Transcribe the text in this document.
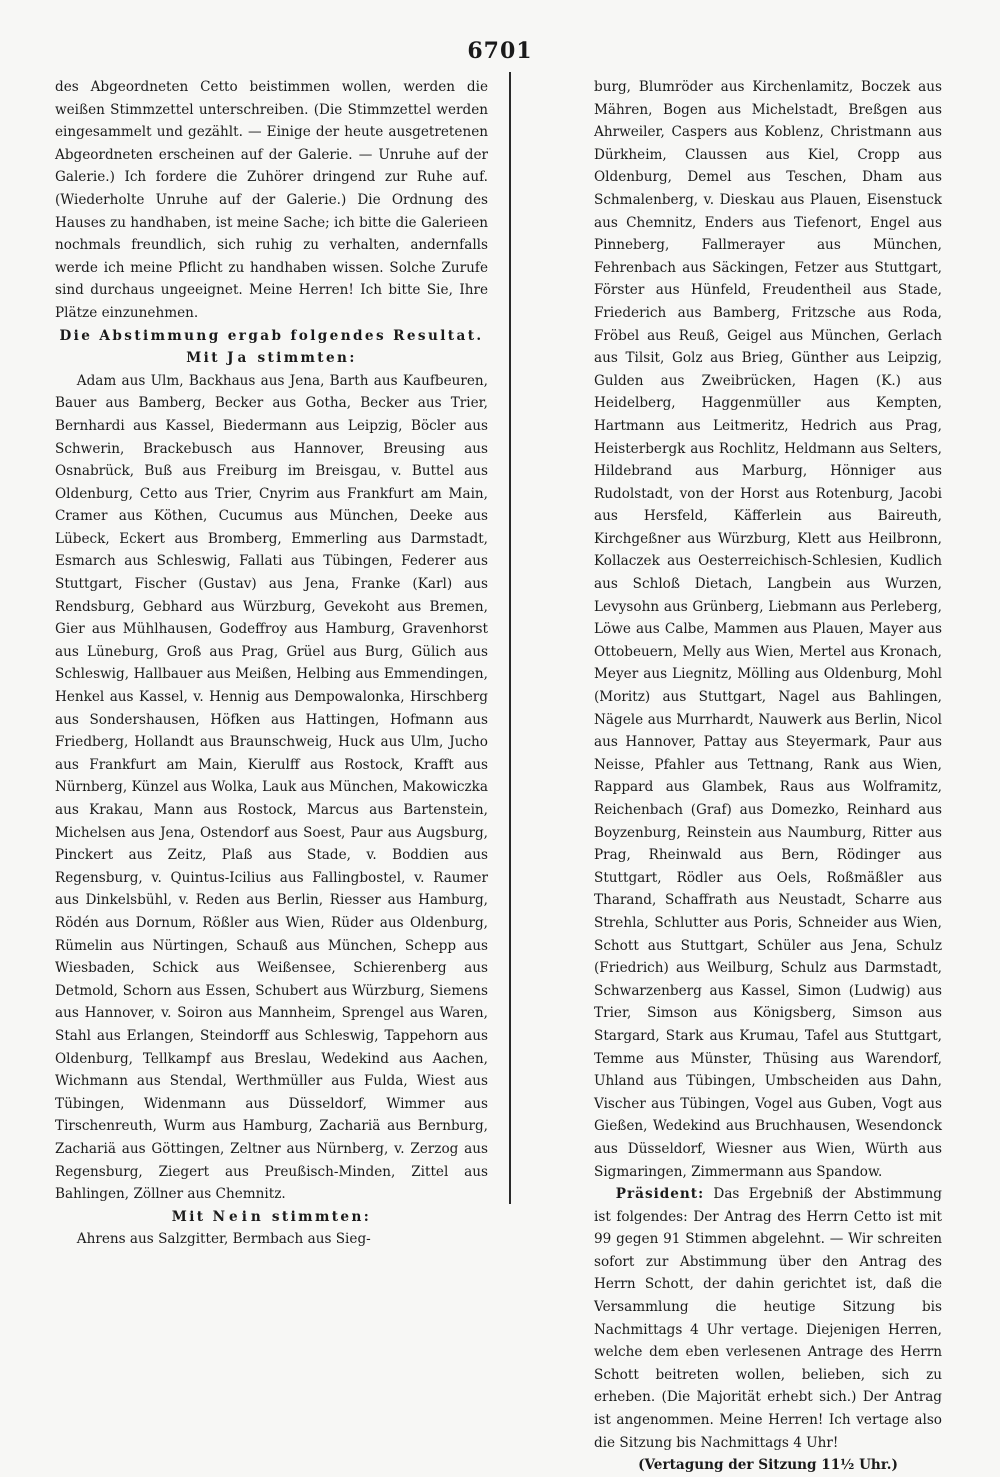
6701

des Abgeordneten Cetto beistimmen wollen, werden die weißen Stimmzettel unterschreiben. (Die Stimmzettel werden eingesammelt und gezählt. — Einige der heute ausgetretenen Abgeordneten erscheinen auf der Galerie. — Unruhe auf der Galerie.) Ich fordere die Zuhörer dringend zur Ruhe auf. (Wiederholte Unruhe auf der Galerie.) Die Ordnung des Hauses zu handhaben, ist meine Sache; ich bitte die Galerieen nochmals freundlich, sich ruhig zu verhalten, andernfalls werde ich meine Pflicht zu handhaben wissen. Solche Zurufe sind durchaus ungeeignet. Meine Herren! Ich bitte Sie, Ihre Plätze einzunehmen.

Die Abstimmung ergab folgendes Resultat.

Mit Ja stimmten:

Adam aus Ulm, Backhaus aus Jena, Barth aus Kaufbeuren, Bauer aus Bamberg, Becker aus Gotha, Becker aus Trier, Bernhardi aus Kassel, Biedermann aus Leipzig, Böcler aus Schwerin, Brackebusch aus Hannover, Breusing aus Osnabrück, Buß aus Freiburg im Breisgau, v. Buttel aus Oldenburg, Cetto aus Trier, Cnyrim aus Frankfurt am Main, Cramer aus Köthen, Cucumus aus München, Deeke aus Lübeck, Eckert aus Bromberg, Emmerling aus Darmstadt, Esmarch aus Schleswig, Fallati aus Tübingen, Federer aus Stuttgart, Fischer (Gustav) aus Jena, Franke (Karl) aus Rendsburg, Gebhard aus Würzburg, Gevekoht aus Bremen, Gier aus Mühlhausen, Godeffroy aus Hamburg, Gravenhorst aus Lüneburg, Groß aus Prag, Grüel aus Burg, Gülich aus Schleswig, Hallbauer aus Meißen, Helbing aus Emmendingen, Henkel aus Kassel, v. Hennig aus Dempowalonka, Hirschberg aus Sondershausen, Höfken aus Hattingen, Hofmann aus Friedberg, Hollandt aus Braunschweig, Huck aus Ulm, Jucho aus Frankfurt am Main, Kierulff aus Rostock, Krafft aus Nürnberg, Künzel aus Wolka, Lauk aus München, Makowiczka aus Krakau, Mann aus Rostock, Marcus aus Bartenstein, Michelsen aus Jena, Ostendorf aus Soest, Paur aus Augsburg, Pinckert aus Zeitz, Plaß aus Stade, v. Boddien aus Regensburg, v. Quintus-Icilius aus Fallingbostel, v. Raumer aus Dinkelsbühl, v. Reden aus Berlin, Riesser aus Hamburg, Rödén aus Dornum, Rößler aus Wien, Rüder aus Oldenburg, Rümelin aus Nürtingen, Schauß aus München, Schepp aus Wiesbaden, Schick aus Weißensee, Schierenberg aus Detmold, Schorn aus Essen, Schubert aus Würzburg, Siemens aus Hannover, v. Soiron aus Mannheim, Sprengel aus Waren, Stahl aus Erlangen, Steindorff aus Schleswig, Tappehorn aus Oldenburg, Tellkampf aus Breslau, Wedekind aus Aachen, Wichmann aus Stendal, Werthmüller aus Fulda, Wiest aus Tübingen, Widenmann aus Düsseldorf, Wimmer aus Tirschenreuth, Wurm aus Hamburg, Zachariä aus Bernburg, Zachariä aus Göttingen, Zeltner aus Nürnberg, v. Zerzog aus Regensburg, Ziegert aus Preußisch-Minden, Zittel aus Bahlingen, Zöllner aus Chemnitz.

Mit Nein stimmten:

Ahrens aus Salzgitter, Bermbach aus Sieg-

burg, Blumröder aus Kirchenlamitz, Boczek aus Mähren, Bogen aus Michelstadt, Breßgen aus Ahrweiler, Caspers aus Koblenz, Christmann aus Dürkheim, Claussen aus Kiel, Cropp aus Oldenburg, Demel aus Teschen, Dham aus Schmalenberg, v. Dieskau aus Plauen, Eisenstuck aus Chemnitz, Enders aus Tiefenort, Engel aus Pinneberg, Fallmerayer aus München, Fehrenbach aus Säckingen, Fetzer aus Stuttgart, Förster aus Hünfeld, Freudentheil aus Stade, Friederich aus Bamberg, Fritzsche aus Roda, Fröbel aus Reuß, Geigel aus München, Gerlach aus Tilsit, Golz aus Brieg, Günther aus Leipzig, Gulden aus Zweibrücken, Hagen (K.) aus Heidelberg, Haggenmüller aus Kempten, Hartmann aus Leitmeritz, Hedrich aus Prag, Heisterbergk aus Rochlitz, Heldmann aus Selters, Hildebrand aus Marburg, Hönniger aus Rudolstadt, von der Horst aus Rotenburg, Jacobi aus Hersfeld, Käfferlein aus Baireuth, Kirchgeßner aus Würzburg, Klett aus Heilbronn, Kollaczek aus Oesterreichisch-Schlesien, Kudlich aus Schloß Dietach, Langbein aus Wurzen, Levysohn aus Grünberg, Liebmann aus Perleberg, Löwe aus Calbe, Mammen aus Plauen, Mayer aus Ottobeuern, Melly aus Wien, Mertel aus Kronach, Meyer aus Liegnitz, Mölling aus Oldenburg, Mohl (Moritz) aus Stuttgart, Nagel aus Bahlingen, Nägele aus Murrhardt, Nauwerk aus Berlin, Nicol aus Hannover, Pattay aus Steyermark, Paur aus Neisse, Pfahler aus Tettnang, Rank aus Wien, Rappard aus Glambek, Raus aus Wolframitz, Reichenbach (Graf) aus Domezko, Reinhard aus Boyzenburg, Reinstein aus Naumburg, Ritter aus Prag, Rheinwald aus Bern, Rödinger aus Stuttgart, Rödler aus Oels, Roßmäßler aus Tharand, Schaffrath aus Neustadt, Scharre aus Strehla, Schlutter aus Poris, Schneider aus Wien, Schott aus Stuttgart, Schüler aus Jena, Schulz (Friedrich) aus Weilburg, Schulz aus Darmstadt, Schwarzenberg aus Kassel, Simon (Ludwig) aus Trier, Simson aus Königsberg, Simson aus Stargard, Stark aus Krumau, Tafel aus Stuttgart, Temme aus Münster, Thüsing aus Warendorf, Uhland aus Tübingen, Umbscheiden aus Dahn, Vischer aus Tübingen, Vogel aus Guben, Vogt aus Gießen, Wedekind aus Bruchhausen, Wesendonck aus Düsseldorf, Wiesner aus Wien, Würth aus Sigmaringen, Zimmermann aus Spandow.

Präsident: Das Ergebniß der Abstimmung ist folgendes: Der Antrag des Herrn Cetto ist mit 99 gegen 91 Stimmen abgelehnt. — Wir schreiten sofort zur Abstimmung über den Antrag des Herrn Schott, der dahin gerichtet ist, daß die Versammlung die heutige Sitzung bis Nachmittags 4 Uhr vertage. Diejenigen Herren, welche dem eben verlesenen Antrage des Herrn Schott beitreten wollen, belieben, sich zu erheben. (Die Majorität erhebt sich.) Der Antrag ist angenommen. Meine Herren! Ich vertage also die Sitzung bis Nachmittags 4 Uhr!

(Vertagung der Sitzung 11½ Uhr.)
